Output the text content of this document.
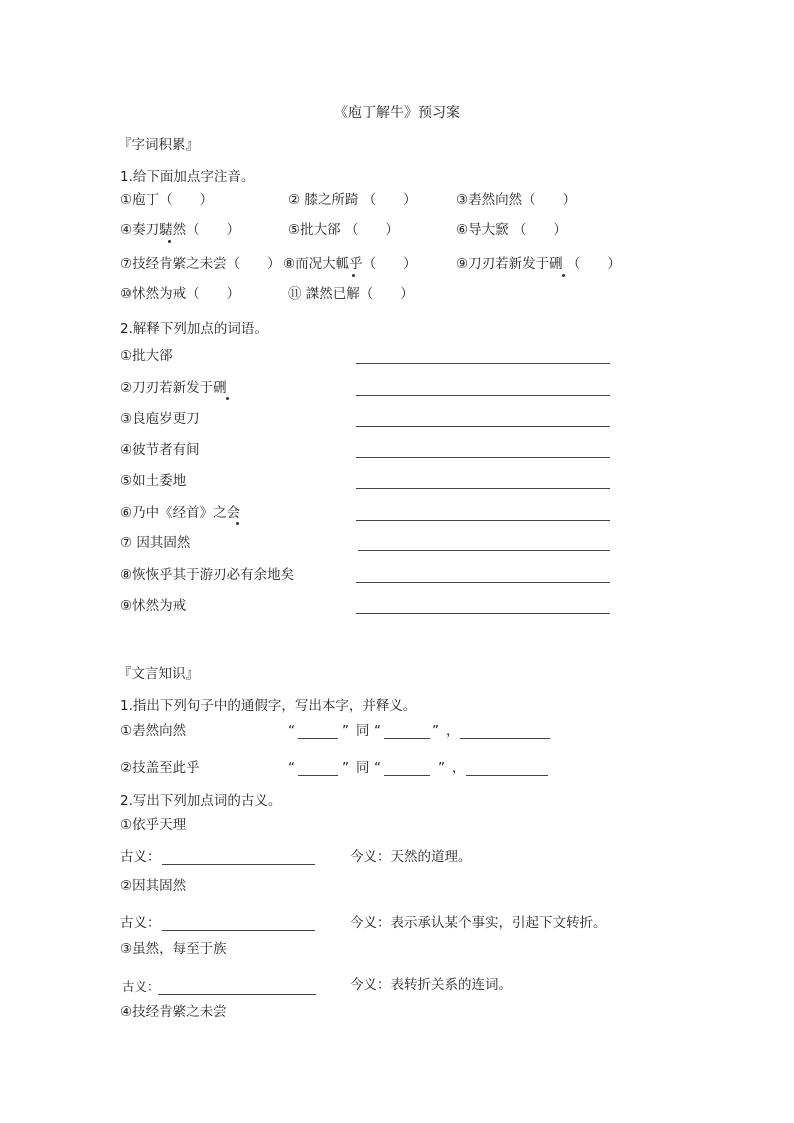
《庖丁解牛》预习案
『字词积累』
1.给下面加点字注音。
①庖丁（　　）	② 膝之所踦 （　　）	③砉然向然（　　）
④奏刀騞然（　　）	⑤批大郤 （　　）	⑥导大窾 （　　）
⑦技经肯綮之未尝（　　） ⑧而况大軱乎（　　）	⑨刀刃若新发于硎 （　　）
⑩怵然为戒（　　）	⑪ 謋然已解（　　）
2.解释下列加点的词语。
①批大郤
②刀刃若新发于硎
③良庖岁更刀
④彼节者有间
⑤如土委地
⑥乃中《经首》之会
⑦ 因其固然
⑧恢恢乎其于游刃必有余地矣
⑨怵然为戒
『文言知识』
1.指出下列句子中的通假字，写出本字，并释义。
①砉然向然	“	” 同 “	” ，
②技盖至此乎	“	” 同 “	” ，
2.写出下列加点词的古义。
①依乎天理
古义：	今义：天然的道理。
②因其固然
古义：	今义：表示承认某个事实，引起下文转折。
③虽然，每至于族
古义：	今义：表转折关系的连词。
④技经肯綮之未尝
